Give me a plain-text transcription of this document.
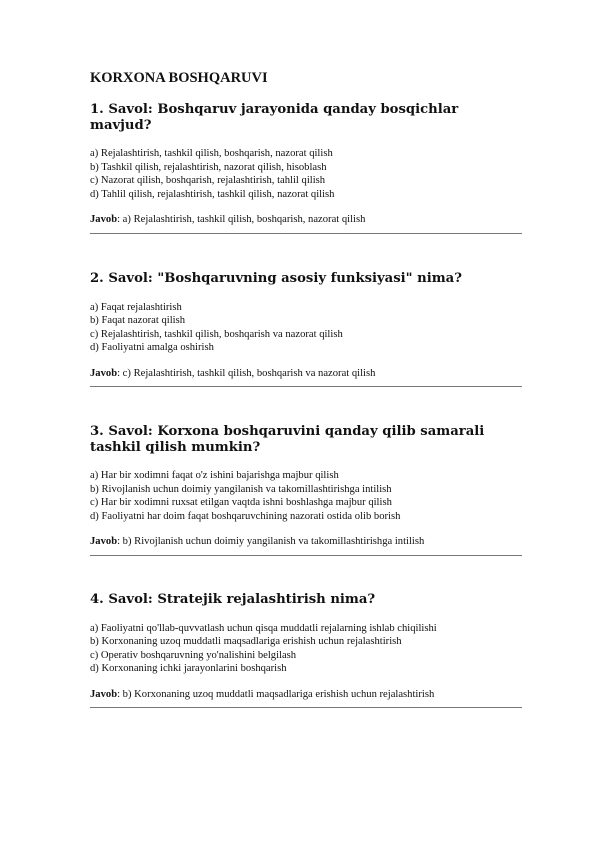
KORXONA BOSHQARUVI
1. Savol: Boshqaruv jarayonida qanday bosqichlar mavjud?
a) Rejalashtirish, tashkil qilish, boshqarish, nazorat qilish
b) Tashkil qilish, rejalashtirish, nazorat qilish, hisoblash
c) Nazorat qilish, boshqarish, rejalashtirish, tahlil qilish
d) Tahlil qilish, rejalashtirish, tashkil qilish, nazorat qilish

Javob: a) Rejalashtirish, tashkil qilish, boshqarish, nazorat qilish

2. Savol: "Boshqaruvning asosiy funksiyasi" nima?
a) Faqat rejalashtirish
b) Faqat nazorat qilish
c) Rejalashtirish, tashkil qilish, boshqarish va nazorat qilish
d) Faoliyatni amalga oshirish

Javob: c) Rejalashtirish, tashkil qilish, boshqarish va nazorat qilish

3. Savol: Korxona boshqaruvini qanday qilib samarali tashkil qilish mumkin?
a) Har bir xodimni faqat o'z ishini bajarishga majbur qilish
b) Rivojlanish uchun doimiy yangilanish va takomillashtirishga intilish
c) Har bir xodimni ruxsat etilgan vaqtda ishni boshlashga majbur qilish
d) Faoliyatni har doim faqat boshqaruvchining nazorati ostida olib borish

Javob: b) Rivojlanish uchun doimiy yangilanish va takomillashtirishga intilish

4. Savol: Stratejik rejalashtirish nima?
a) Faoliyatni qo'llab-quvvatlash uchun qisqa muddatli rejalarning ishlab chiqilishi
b) Korxonaning uzoq muddatli maqsadlariga erishish uchun rejalashtirish
c) Operativ boshqaruvning yo'nalishini belgilash
d) Korxonaning ichki jarayonlarini boshqarish

Javob: b) Korxonaning uzoq muddatli maqsadlariga erishish uchun rejalashtirish
